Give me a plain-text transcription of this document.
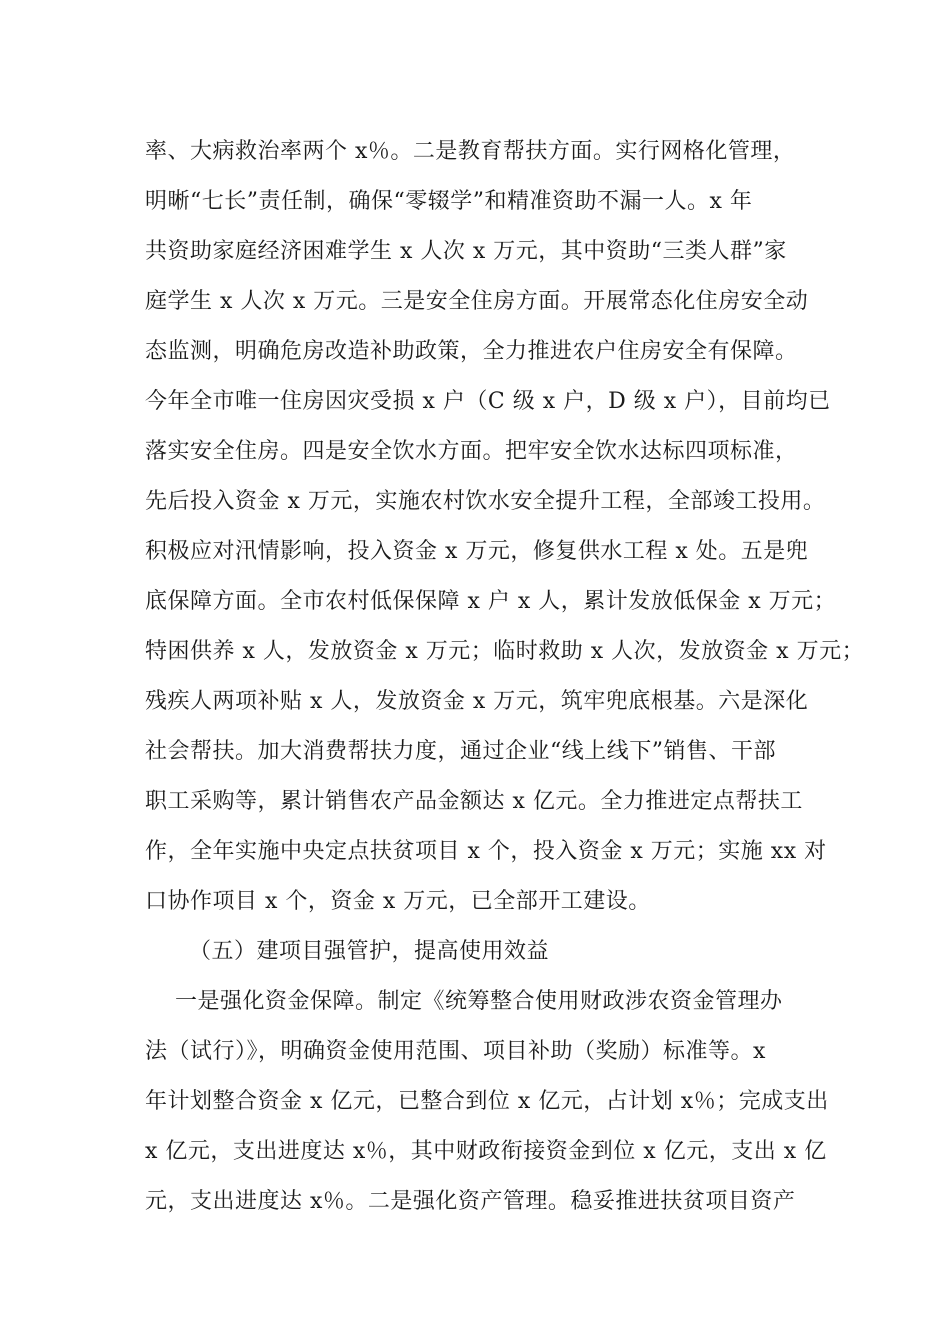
率、大病救治率两个 x％。二是教育帮扶方面。实行网格化管理，
明晰“七长”责任制，确保“零辍学”和精准资助不漏一人。x 年
共资助家庭经济困难学生 x 人次 x 万元，其中资助“三类人群”家
庭学生 x 人次 x 万元。三是安全住房方面。开展常态化住房安全动
态监测，明确危房改造补助政策，全力推进农户住房安全有保障。
今年全市唯一住房因灾受损 x 户（C 级 x 户，D 级 x 户），目前均已
落实安全住房。四是安全饮水方面。把牢安全饮水达标四项标准，
先后投入资金 x 万元，实施农村饮水安全提升工程，全部竣工投用。
积极应对汛情影响，投入资金 x 万元，修复供水工程 x 处。五是兜
底保障方面。全市农村低保保障 x 户 x 人，累计发放低保金 x 万元；
特困供养 x 人，发放资金 x 万元；临时救助 x 人次，发放资金 x 万元；
残疾人两项补贴 x 人，发放资金 x 万元，筑牢兜底根基。六是深化
社会帮扶。加大消费帮扶力度，通过企业“线上线下”销售、干部
职工采购等，累计销售农产品金额达 x 亿元。全力推进定点帮扶工
作，全年实施中央定点扶贫项目 x 个，投入资金 x 万元；实施 xx 对
口协作项目 x 个，资金 x 万元，已全部开工建设。
（五）建项目强管护，提高使用效益
一是强化资金保障。制定《统筹整合使用财政涉农资金管理办
法（试行）》，明确资金使用范围、项目补助（奖励）标准等。x
年计划整合资金 x 亿元，已整合到位 x 亿元，占计划 x％；完成支出
x 亿元，支出进度达 x％，其中财政衔接资金到位 x 亿元，支出 x 亿
元，支出进度达 x％。二是强化资产管理。稳妥推进扶贫项目资产
